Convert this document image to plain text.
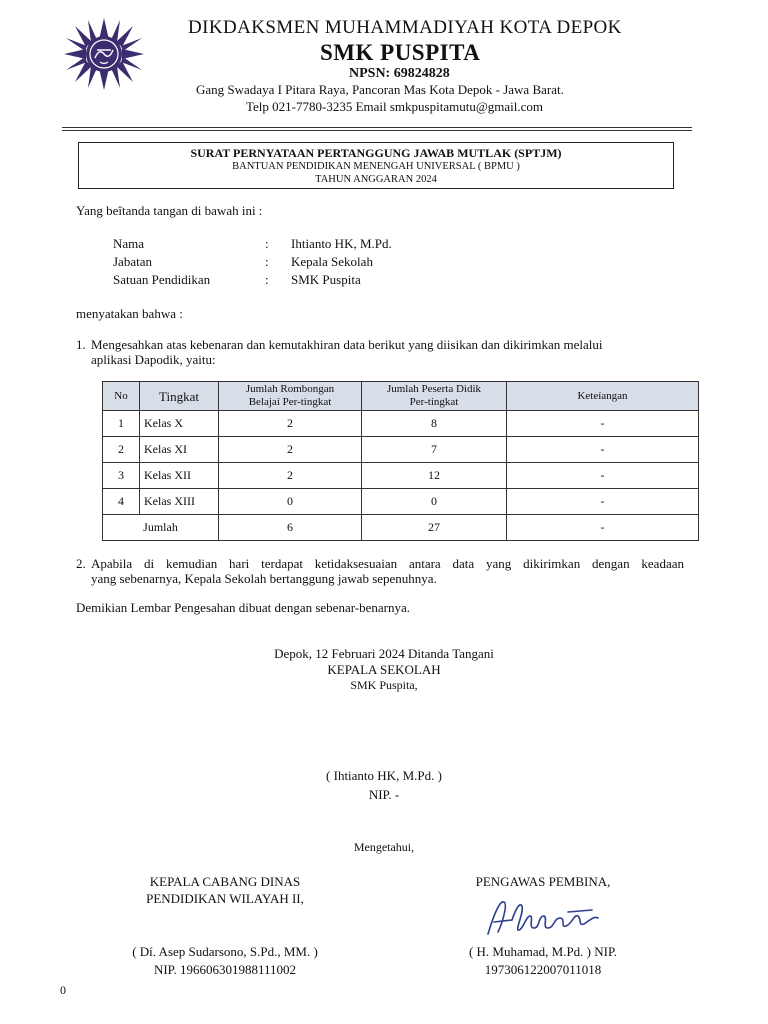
DIKDAKSMEN MUHAMMADIYAH KOTA DEPOK
SMK PUSPITA
NPSN: 69824828
Gang Swadaya I Pitara Raya, Pancoran Mas Kota Depok - Jawa Barat.
Telp 021-7780-3235 Email smkpuspitamutu@gmail.com
SURAT PERNYATAAN PERTANGGUNG JAWAB MUTLAK (SPTJM)
BANTUAN PENDIDIKAN MENENGAH UNIVERSAL ( BPMU )
TAHUN ANGGARAN 2024
Yang beîtanda tangan di bawah ini :
Nama	: Ihtianto HK, M.Pd.
Jabatan	: Kepala Sekolah
Satuan Pendidikan	: SMK Puspita
menyatakan bahwa :
1. Mengesahkan atas kebenaran dan kemutakhiran data berikut yang diisikan dan dikirimkan melalui
aplikasi Dapodik, yaitu:
No	Tingkat	Jumlah Rombongan
Belajaí Per-tingkat	Jumlah Peserta Didik
Per-tingkat	Keteíangan
1	Kelas X	2	8	-
2	Kelas XI	2	7	-
3	Kelas XII	2	12	-
4	Kelas XIII	0	0	-
Jumlah		6	27	-
2. Apabila di kemudian hari terdapat ketidaksesuaian antara data yang dikirimkan dengan keadaan
yang sebenarnya, Kepala Sekolah bertanggung jawab sepenuhnya.
Demikian Lembar Pengesahan dibuat dengan sebenar-benarnya.
Depok, 12 Februari 2024 Ditanda Tangani
KEPALA SEKOLAH
SMK Puspita,
( Ihtianto HK, M.Pd. )
NIP. -
Mengetahui,
KEPALA CABANG DINAS
PENDIDIKAN WILAYAH II,
( Dí. Asep Sudarsono, S.Pd., MM. )
NIP. 196606301988111002
PENGAWAS PEMBINA,
( H. Muhamad, M.Pd. ) NIP.
197306122007011018
0
